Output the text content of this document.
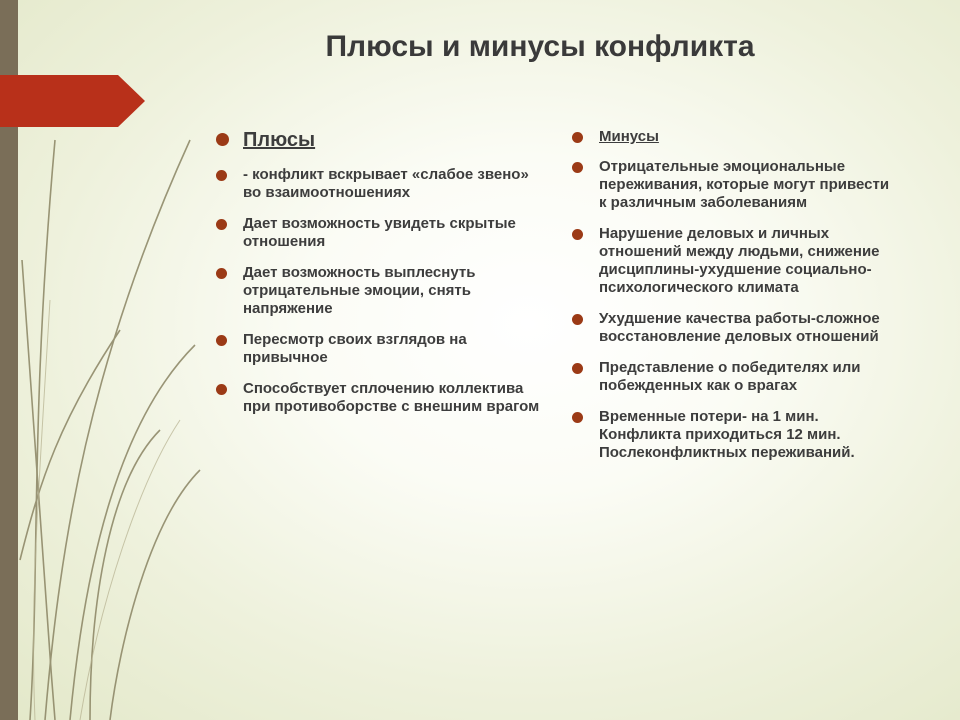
Плюсы и минусы конфликта
Плюсы
- конфликт вскрывает «слабое звено» во взаимоотношениях
Дает возможность увидеть скрытые отношения
Дает возможность выплеснуть отрицательные эмоции, снять напряжение
Пересмотр своих взглядов на привычное
Способствует сплочению коллектива при противоборстве с внешним врагом
Минусы
Отрицательные эмоциональные переживания, которые могут привести к различным заболеваниям
Нарушение деловых и личных отношений между людьми, снижение дисциплины-ухудшение социально-психологического климата
Ухудшение качества работы-сложное восстановление деловых отношений
Представление о победителях или побежденных как о врагах
Временные потери- на 1 мин. Конфликта приходиться 12 мин. Послеконфликтных переживаний.
